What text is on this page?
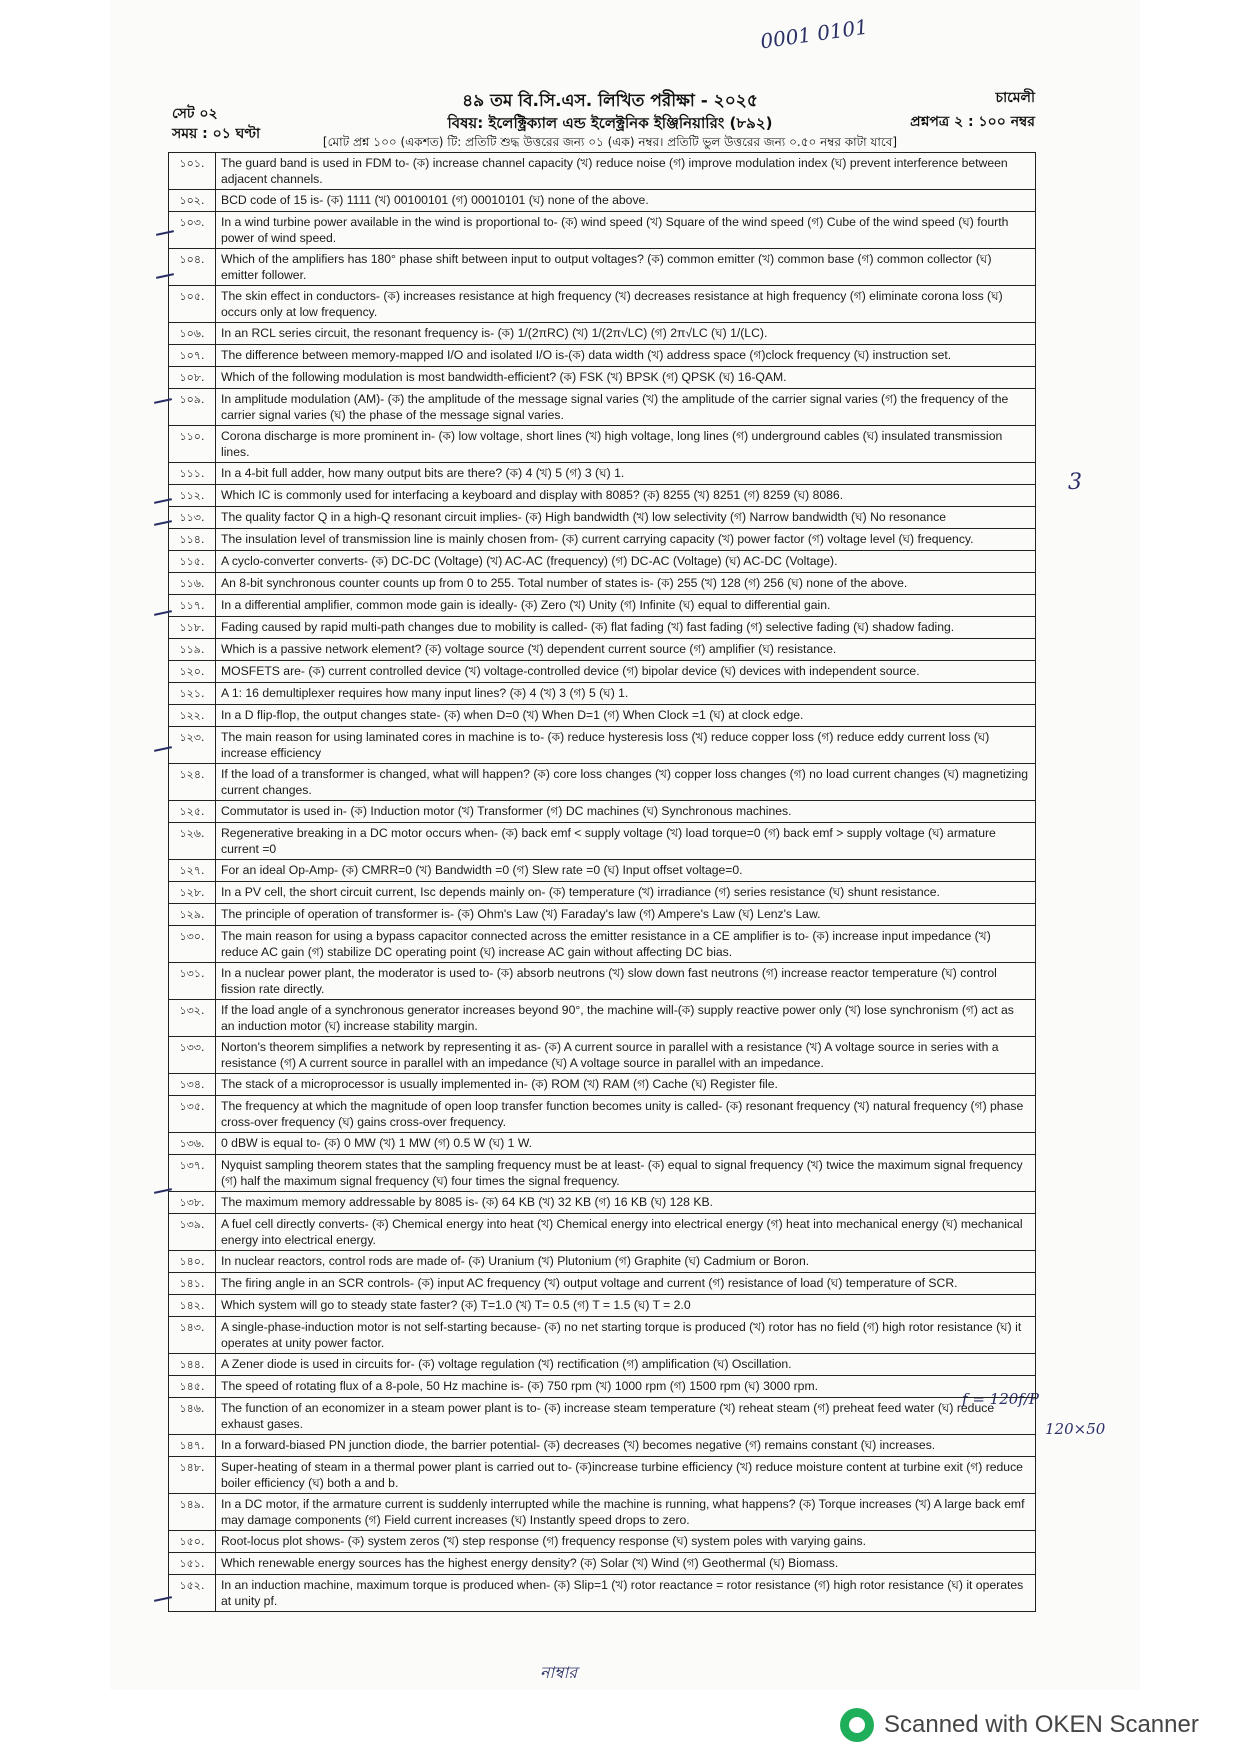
0001 0101
3
f = 120f/P
120×50
নাম্বার
সেট ০২
সময় : ০১ ঘণ্টা
৪৯ তম বি.সি.এস. লিখিত পরীক্ষা - ২০২৫
বিষয়: ইলেক্ট্রিক্যাল এন্ড ইলেক্ট্রনিক ইঞ্জিনিয়ারিং (৮৯২)
[মোট প্রশ্ন ১০০ (একশত) টি: প্রতিটি শুদ্ধ উত্তরের জন্য ০১ (এক) নম্বর। প্রতিটি ভুল উত্তরের জন্য ০.৫০ নম্বর কাটা যাবে]
চামেলী
প্রশ্নপত্র ২ : ১০০ নম্বর
১০১.	The guard band is used in FDM to- (ক) increase channel capacity (খ) reduce noise (গ) improve modulation index (ঘ) prevent interference between adjacent channels.
১০২.	BCD code of 15 is- (ক) 1111 (খ) 00100101 (গ) 00010101 (ঘ) none of the above.
১০৩.	In a wind turbine power available in the wind is proportional to- (ক) wind speed (খ) Square of the wind speed (গ) Cube of the wind speed (ঘ) fourth power of wind speed.
১০৪.	Which of the amplifiers has 180° phase shift between input to output voltages? (ক) common emitter (খ) common base (গ) common collector (ঘ) emitter follower.
১০৫.	The skin effect in conductors- (ক) increases resistance at high frequency (খ) decreases resistance at high frequency (গ) eliminate corona loss (ঘ) occurs only at low frequency.
১০৬.	In an RCL series circuit, the resonant frequency is- (ক) 1/(2πRC) (খ) 1/(2π√LC) (গ) 2π√LC (ঘ) 1/(LC).
১০৭.	The difference between memory-mapped I/O and isolated I/O is-(ক) data width (খ) address space (গ)clock frequency (ঘ) instruction set.
১০৮.	Which of the following modulation is most bandwidth-efficient? (ক) FSK (খ) BPSK (গ) QPSK (ঘ) 16-QAM.
১০৯.	In amplitude modulation (AM)- (ক) the amplitude of the message signal varies (খ) the amplitude of the carrier signal varies (গ) the frequency of the carrier signal varies (ঘ) the phase of the message signal varies.
১১০.	Corona discharge is more prominent in- (ক) low voltage, short lines (খ) high voltage, long lines (গ) underground cables (ঘ) insulated transmission lines.
১১১.	In a 4-bit full adder, how many output bits are there? (ক) 4 (খ) 5 (গ) 3 (ঘ) 1.
১১২.	Which IC is commonly used for interfacing a keyboard and display with 8085? (ক) 8255 (খ) 8251 (গ) 8259 (ঘ) 8086.
১১৩.	The quality factor Q in a high-Q resonant circuit implies- (ক) High bandwidth (খ) low selectivity (গ) Narrow bandwidth (ঘ) No resonance
১১৪.	The insulation level of transmission line is mainly chosen from- (ক) current carrying capacity (খ) power factor (গ) voltage level (ঘ) frequency.
১১৫.	A cyclo-converter converts- (ক) DC-DC (Voltage) (খ) AC-AC (frequency) (গ) DC-AC (Voltage) (ঘ) AC-DC (Voltage).
১১৬.	An 8-bit synchronous counter counts up from 0 to 255. Total number of states is- (ক) 255 (খ) 128 (গ) 256 (ঘ) none of the above.
১১৭.	In a differential amplifier, common mode gain is ideally- (ক) Zero (খ) Unity (গ) Infinite (ঘ) equal to differential gain.
১১৮.	Fading caused by rapid multi-path changes due to mobility is called- (ক) flat fading (খ) fast fading (গ) selective fading (ঘ) shadow fading.
১১৯.	Which is a passive network element? (ক) voltage source (খ) dependent current source (গ) amplifier (ঘ) resistance.
১২০.	MOSFETS are- (ক) current controlled device (খ) voltage-controlled device (গ) bipolar device (ঘ) devices with independent source.
১২১.	A 1: 16 demultiplexer requires how many input lines? (ক) 4 (খ) 3 (গ) 5 (ঘ) 1.
১২২.	In a D flip-flop, the output changes state- (ক) when D=0 (খ) When D=1 (গ) When Clock =1 (ঘ) at clock edge.
১২৩.	The main reason for using laminated cores in machine is to- (ক) reduce hysteresis loss (খ) reduce copper loss (গ) reduce eddy current loss (ঘ) increase efficiency
১২৪.	If the load of a transformer is changed, what will happen? (ক) core loss changes (খ) copper loss changes (গ) no load current changes (ঘ) magnetizing current changes.
১২৫.	Commutator is used in- (ক) Induction motor (খ) Transformer (গ) DC machines (ঘ) Synchronous machines.
১২৬.	Regenerative breaking in a DC motor occurs when- (ক) back emf < supply voltage (খ) load torque=0 (গ) back emf > supply voltage (ঘ) armature current =0
১২৭.	For an ideal Op-Amp- (ক) CMRR=0 (খ) Bandwidth =0 (গ) Slew rate =0 (ঘ) Input offset voltage=0.
১২৮.	In a PV cell, the short circuit current, Isc depends mainly on- (ক) temperature (খ) irradiance (গ) series resistance (ঘ) shunt resistance.
১২৯.	The principle of operation of transformer is- (ক) Ohm's Law (খ) Faraday's law (গ) Ampere's Law (ঘ) Lenz's Law.
১৩০.	The main reason for using a bypass capacitor connected across the emitter resistance in a CE amplifier is to- (ক) increase input impedance (খ) reduce AC gain (গ) stabilize DC operating point (ঘ) increase AC gain without affecting DC bias.
১৩১.	In a nuclear power plant, the moderator is used to- (ক) absorb neutrons (খ) slow down fast neutrons (গ) increase reactor temperature (ঘ) control fission rate directly.
১৩২.	If the load angle of a synchronous generator increases beyond 90°, the machine will-(ক) supply reactive power only (খ) lose synchronism (গ) act as an induction motor (ঘ) increase stability margin.
১৩৩.	Norton's theorem simplifies a network by representing it as- (ক) A current source in parallel with a resistance (খ) A voltage source in series with a resistance (গ) A current source in parallel with an impedance (ঘ) A voltage source in parallel with an impedance.
১৩৪.	The stack of a microprocessor is usually implemented in- (ক) ROM (খ) RAM (গ) Cache (ঘ) Register file.
১৩৫.	The frequency at which the magnitude of open loop transfer function becomes unity is called- (ক) resonant frequency (খ) natural frequency (গ) phase cross-over frequency (ঘ) gains cross-over frequency.
১৩৬.	0 dBW is equal to- (ক) 0 MW (খ) 1 MW (গ) 0.5 W (ঘ) 1 W.
১৩৭.	Nyquist sampling theorem states that the sampling frequency must be at least- (ক) equal to signal frequency (খ) twice the maximum signal frequency (গ) half the maximum signal frequency (ঘ) four times the signal frequency.
১৩৮.	The maximum memory addressable by 8085 is- (ক) 64 KB (খ) 32 KB (গ) 16 KB (ঘ) 128 KB.
১৩৯.	A fuel cell directly converts- (ক) Chemical energy into heat (খ) Chemical energy into electrical energy (গ) heat into mechanical energy (ঘ) mechanical energy into electrical energy.
১৪০.	In nuclear reactors, control rods are made of- (ক) Uranium (খ) Plutonium (গ) Graphite (ঘ) Cadmium or Boron.
১৪১.	The firing angle in an SCR controls- (ক) input AC frequency (খ) output voltage and current (গ) resistance of load (ঘ) temperature of SCR.
১৪২.	Which system will go to steady state faster? (ক) T=1.0 (খ) T= 0.5 (গ) T = 1.5 (ঘ) T = 2.0
১৪৩.	A single-phase-induction motor is not self-starting because- (ক) no net starting torque is produced (খ) rotor has no field (গ) high rotor resistance (ঘ) it operates at unity power factor.
১৪৪.	A Zener diode is used in circuits for- (ক) voltage regulation (খ) rectification (গ) amplification (ঘ) Oscillation.
১৪৫.	The speed of rotating flux of a 8-pole, 50 Hz machine is- (ক) 750 rpm (খ) 1000 rpm (গ) 1500 rpm (ঘ) 3000 rpm.
১৪৬.	The function of an economizer in a steam power plant is to- (ক) increase steam temperature (খ) reheat steam (গ) preheat feed water (ঘ) reduce exhaust gases.
১৪৭.	In a forward-biased PN junction diode, the barrier potential- (ক) decreases (খ) becomes negative (গ) remains constant (ঘ) increases.
১৪৮.	Super-heating of steam in a thermal power plant is carried out to- (ক)increase turbine efficiency (খ) reduce moisture content at turbine exit (গ) reduce boiler efficiency (ঘ) both a and b.
১৪৯.	In a DC motor, if the armature current is suddenly interrupted while the machine is running, what happens? (ক) Torque increases (খ) A large back emf may damage components (গ) Field current increases (ঘ) Instantly speed drops to zero.
১৫০.	Root-locus plot shows- (ক) system zeros (খ) step response (গ) frequency response (ঘ) system poles with varying gains.
১৫১.	Which renewable energy sources has the highest energy density? (ক) Solar (খ) Wind (গ) Geothermal (ঘ) Biomass.
১৫২.	In an induction machine, maximum torque is produced when- (ক) Slip=1 (খ) rotor reactance = rotor resistance (গ) high rotor resistance (ঘ) it operates at unity pf.
Scanned with OKEN Scanner
